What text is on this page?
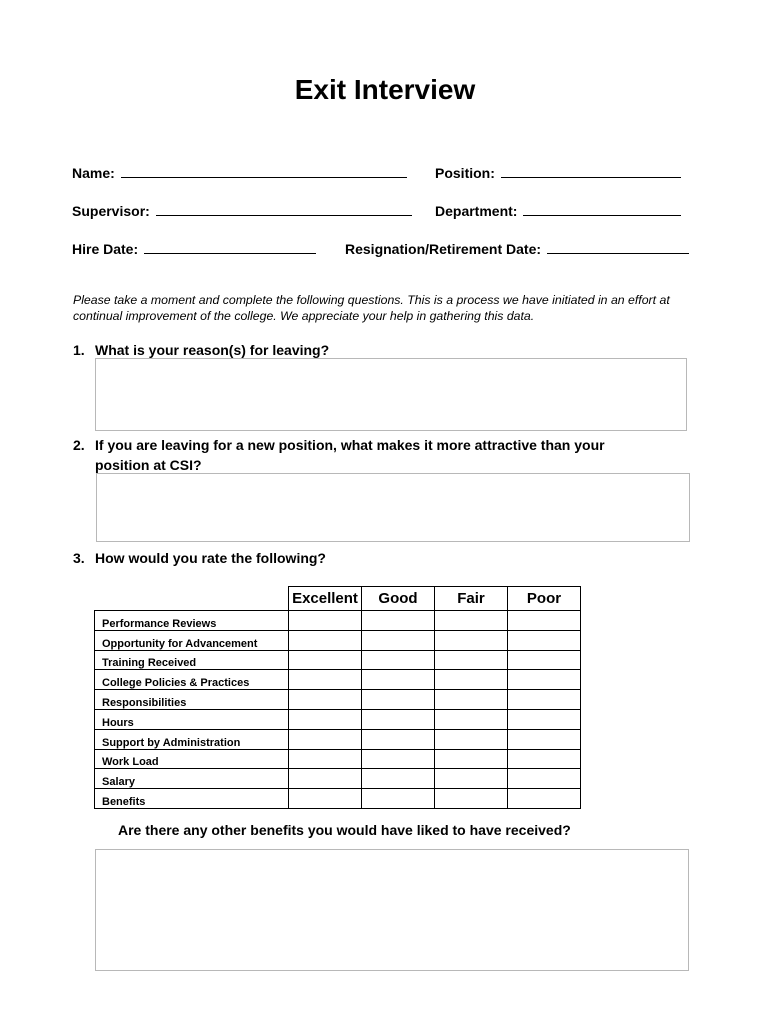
Exit Interview
Name:	Position:
Supervisor:	Department:
Hire Date:	Resignation/Retirement Date:
Please take a moment and complete the following questions. This is a process we have initiated in an effort at continual improvement of the college. We appreciate your help in gathering this data.
1. What is your reason(s) for leaving?
2. If you are leaving for a new position, what makes it more attractive than your position at CSI?
3. How would you rate the following?
	Excellent	Good	Fair	Poor
Performance Reviews				
Opportunity for Advancement				
Training Received				
College Policies & Practices				
Responsibilities				
Hours				
Support by Administration				
Work Load				
Salary				
Benefits				
Are there any other benefits you would have liked to have received?
